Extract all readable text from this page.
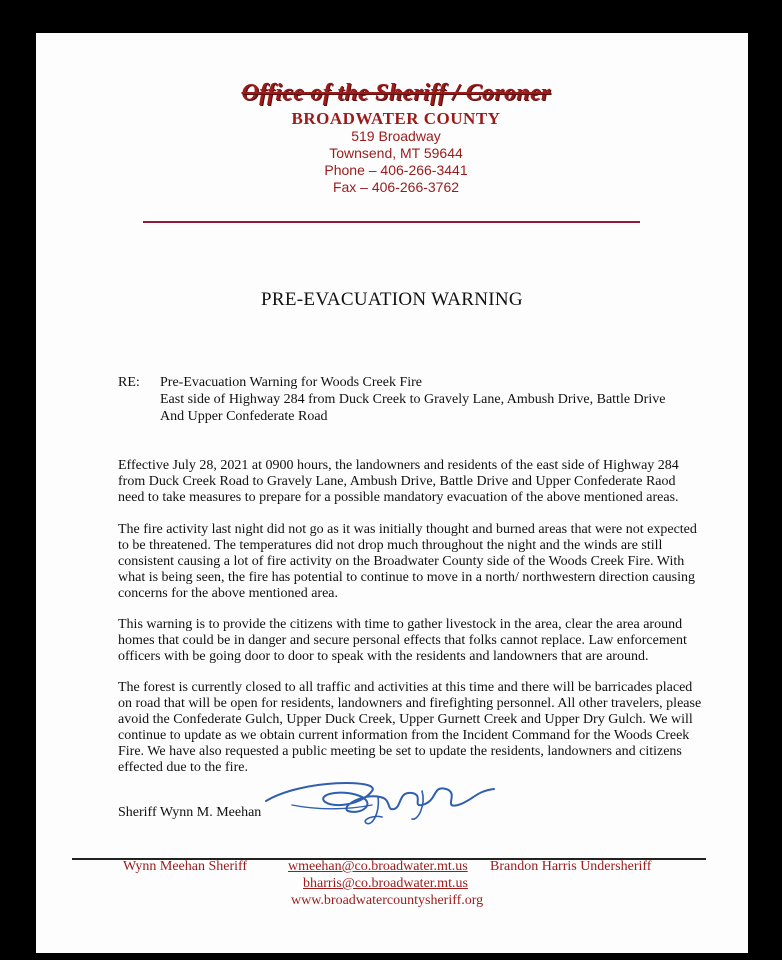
Office of the Sheriff / Coroner
BROADWATER COUNTY
519 Broadway
Townsend, MT 59644
Phone – 406-266-3441
Fax – 406-266-3762
PRE-EVACUATION WARNING
RE: Pre-Evacuation Warning for Woods Creek Fire
East side of Highway 284 from Duck Creek to Gravely Lane, Ambush Drive, Battle Drive
And Upper Confederate Road
Effective July 28, 2021 at 0900 hours, the landowners and residents of the east side of Highway 284
from Duck Creek Road to Gravely Lane, Ambush Drive, Battle Drive and Upper Confederate Raod
need to take measures to prepare for a possible mandatory evacuation of the above mentioned areas.
The fire activity last night did not go as it was initially thought and burned areas that were not expected
to be threatened. The temperatures did not drop much throughout the night and the winds are still
consistent causing a lot of fire activity on the Broadwater County side of the Woods Creek Fire. With
what is being seen, the fire has potential to continue to move in a north/ northwestern direction causing
concerns for the above mentioned area.
This warning is to provide the citizens with time to gather livestock in the area, clear the area around
homes that could be in danger and secure personal effects that folks cannot replace. Law enforcement
officers with be going door to door to speak with the residents and landowners that are around.
The forest is currently closed to all traffic and activities at this time and there will be barricades placed
on road that will be open for residents, landowners and firefighting personnel. All other travelers, please
avoid the Confederate Gulch, Upper Duck Creek, Upper Gurnett Creek and Upper Dry Gulch. We will
continue to update as we obtain current information from the Incident Command for the Woods Creek
Fire. We have also requested a public meeting be set to update the residents, landowners and citizens
effected due to the fire.
Sheriff Wynn M. Meehan
Wynn Meehan Sheriff	wmeehan@co.broadwater.mt.us Brandon Harris Undersheriff
bharris@co.broadwater.mt.us
www.broadwatercountysheriff.org
